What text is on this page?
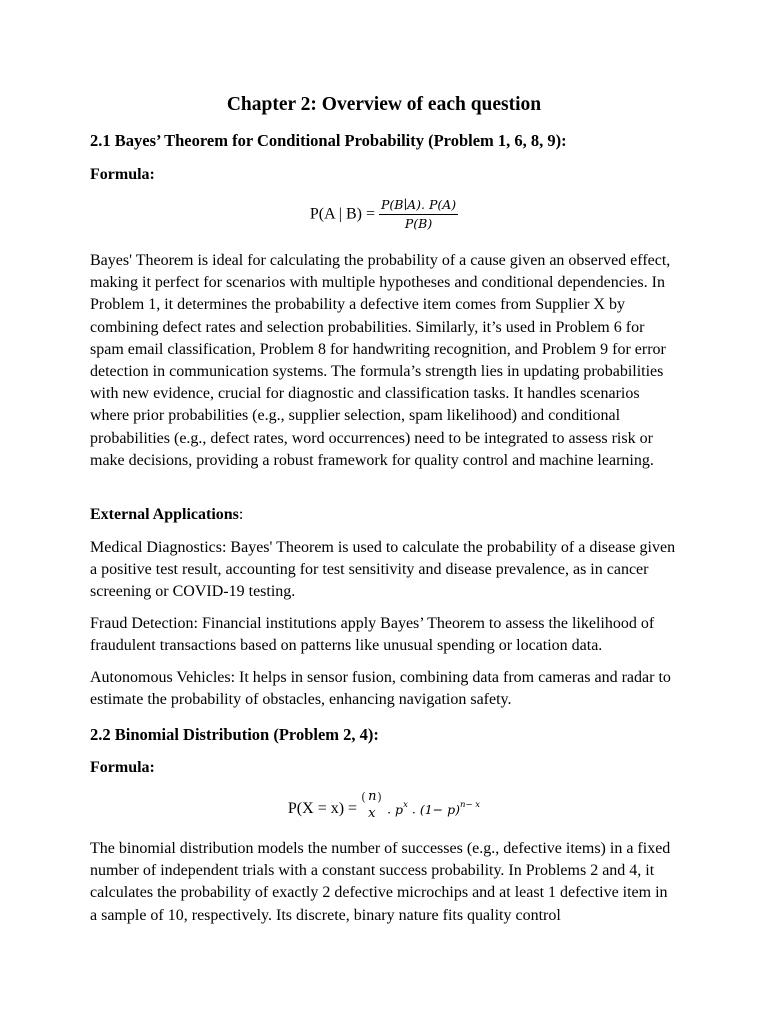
Chapter 2: Overview of each question
2.1 Bayes’ Theorem for Conditional Probability (Problem 1, 6, 8, 9):

Formula:

P(A | $B) = \frac{P(B∣A). P(A)}{P(B)}$

Bayes' Theorem is ideal for calculating the probability of a cause given an observed effect, making it perfect for scenarios with multiple hypotheses and conditional dependencies. In Problem 1, it determines the probability a defective item comes from Supplier X by combining defect rates and selection probabilities. Similarly, it’s used in Problem 6 for spam email classification, Problem 8 for handwriting recognition, and Problem 9 for error detection in communication systems. The formula’s strength lies in updating probabilities with new evidence, crucial for diagnostic and classification tasks. It handles scenarios where prior probabilities (e.g., supplier selection, spam likelihood) and conditional probabilities (e.g., defect rates, word occurrences) need to be integrated to assess risk or make decisions, providing a robust framework for quality control and machine learning.

External Applications:

Medical Diagnostics: Bayes' Theorem is used to calculate the probability of a disease given a positive test result, accounting for test sensitivity and disease prevalence, as in cancer screening or COVID-19 testing.

Fraud Detection: Financial institutions apply Bayes’ Theorem to assess the likelihood of fraudulent transactions based on patterns like unusual spending or location data.

Autonomous Vehicles: It helps in sensor fusion, combining data from cameras and radar to estimate the probability of obstacles, enhancing navigation safety.

2.2 Binomial Distribution (Problem 2, 4):

Formula:

P(X = x) =
( n
x
)
. $p^x$ . $(1- p)^{n- x}$

The binomial distribution models the number of successes (e.g., defective items) in a fixed number of independent trials with a constant success probability. In Problems 2 and 4, it calculates the probability of exactly 2 defective microchips and at least 1 defective item in a sample of 10, respectively. Its discrete, binary nature fits quality control
